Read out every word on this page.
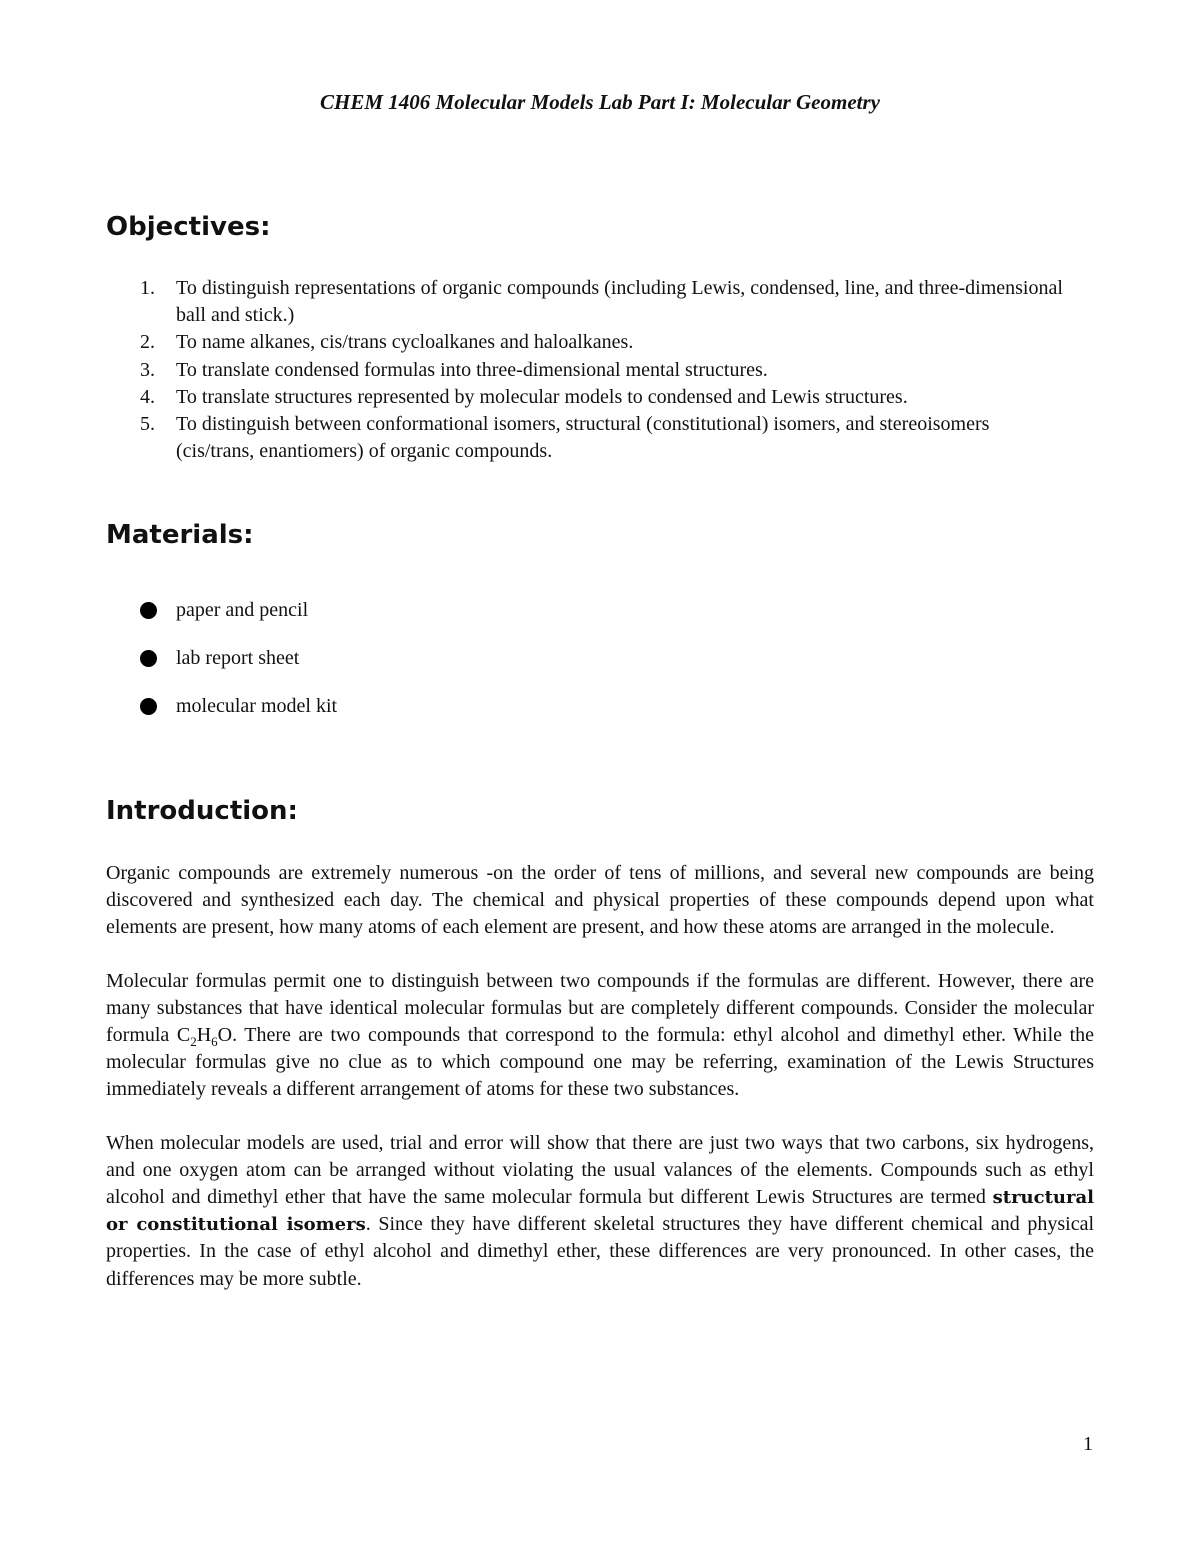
CHEM 1406 Molecular Models Lab Part I: Molecular Geometry
Objectives:
1. To distinguish representations of organic compounds (including Lewis, condensed, line, and three-dimensional ball and stick.)
2. To name alkanes, cis/trans cycloalkanes and haloalkanes.
3. To translate condensed formulas into three-dimensional mental structures.
4. To translate structures represented by molecular models to condensed and Lewis structures.
5. To distinguish between conformational isomers, structural (constitutional) isomers, and stereoisomers (cis/trans, enantiomers) of organic compounds.
Materials:
paper and pencil
lab report sheet
molecular model kit
Introduction:

Organic compounds are extremely numerous -on the order of tens of millions, and several new compounds are being discovered and synthesized each day. The chemical and physical properties of these compounds depend upon what elements are present, how many atoms of each element are present, and how these atoms are arranged in the molecule.

Molecular formulas permit one to distinguish between two compounds if the formulas are different. However, there are many substances that have identical molecular formulas but are completely different compounds. Consider the molecular formula $C_2H_6O$. There are two compounds that correspond to the formula: ethyl alcohol and dimethyl ether. While the molecular formulas give no clue as to which compound one may be referring, examination of the Lewis Structures immediately reveals a different arrangement of atoms for these two substances.

When molecular models are used, trial and error will show that there are just two ways that two carbons, six hydrogens, and one oxygen atom can be arranged without violating the usual valances of the elements. Compounds such as ethyl alcohol and dimethyl ether that have the same molecular formula but different Lewis Structures are termed structural or constitutional isomers. Since they have different skeletal structures they have different chemical and physical properties. In the case of ethyl alcohol and dimethyl ether, these differences are very pronounced. In other cases, the differences may be more subtle.

1
